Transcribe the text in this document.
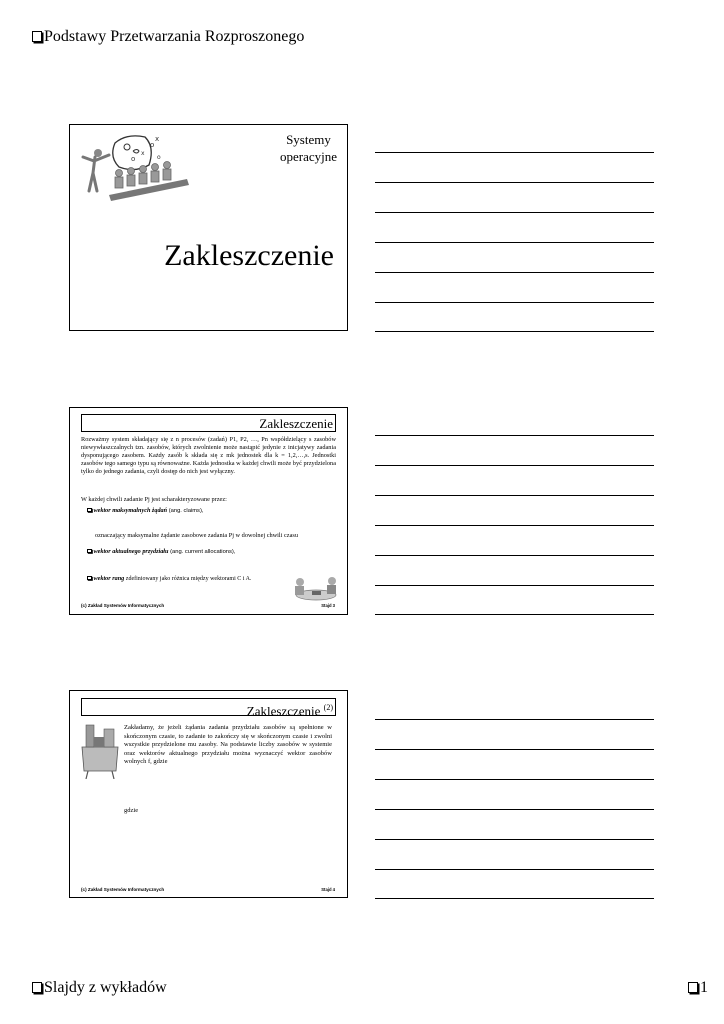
Podstawy Przetwarzania Rozproszonego
o
x
o
o
x	Systemy
operacyjne
Zakleszczenie
Zakleszczenie
Rozważmy system składający się z n procesów (zadań) P1, P2, …, Pn współdzielący s zasobów niewywłaszczalnych tzn. zasobów, których zwolnienie może nastąpić jedynie z inicjatywy zadania dysponującego zasobem. Każdy zasób k składa się z mk jednostek dla k = 1,2,…,s. Jednostki zasobów tego samego typu są równoważne. Każda jednostka w każdej chwili może być przydzielona tylko do jednego zadania, czyli dostęp do nich jest wyłączny.
W każdej chwili zadanie Pj jest scharakteryzowane przez:
wektor maksymalnych żądań (ang. claims),
oznaczający maksymalne żądanie zasobowe zadania Pj w dowolnej chwili czasu
wektor aktualnego przydziału (ang. current allocations),
wektor rang zdefiniowany jako różnica między wektorami C i A.
(c) Zakład Systemów Informatycznych	Stajd 3
Zakleszczenie $^{(2)}$
Zakładamy, że jeżeli żądania zadania przydziału zasobów są spełnione w skończonym czasie, to zadanie to zakończy się w skończonym czasie i zwolni wszystkie przydzielone mu zasoby. Na podstawie liczby zasobów w systemie oraz wektorów aktualnego przydziału można wyznaczyć wektor zasobów wolnych f, gdzie
gdzie
(c) Zakład Systemów Informatycznych	Stajd 4
Slajdy z wykładów	1
